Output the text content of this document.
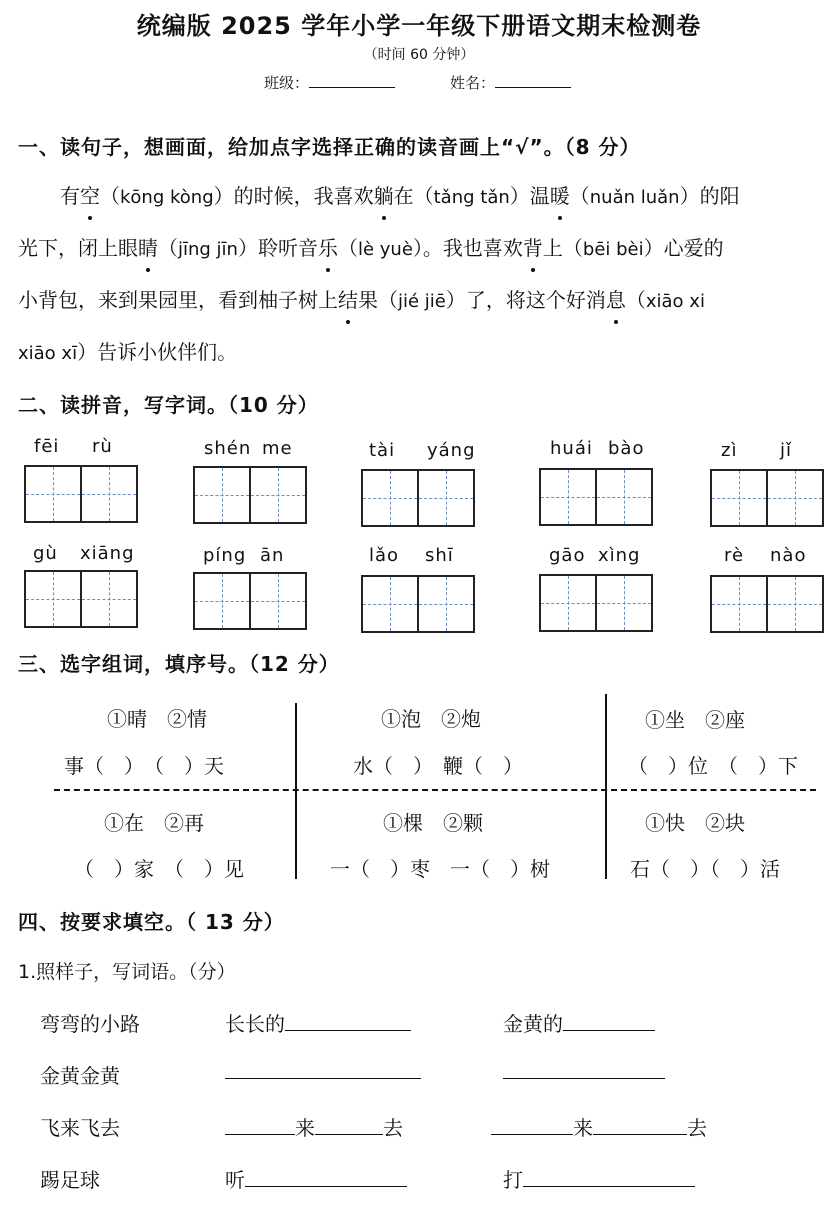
统编版 2025 学年小学一年级下册语文期末检测卷
（时间 60 分钟）
班级：	姓名：
一、读句子，想画面，给加点字选择正确的读音画上“√”。（8 分）

有空（kōng kòng）的时候，我喜欢躺在（tǎng tǎn）温暖（nuǎn luǎn）的阳

光下，闭上眼睛（jīng jīn）聆听音乐（lè yuè）。我也喜欢背上（bēi bèi）心爱的

小背包，来到果园里，看到柚子树上结果（jié jiē）了，将这个好消息（xiāo xi

xiāo xī）告诉小伙伴们。

二、读拼音，写字词。（10 分）
fēi rù	shén me	tài yáng	huái bào	zì jǐ
gù xiāng	píng ān	lǎo shī	gāo xìng	rè nào
三、选字组词，填序号。（12 分）
①晴　②情
事（　）　（　）天
①泡　②炮
水（　）　鞭（　）
①坐　②座
（　）位　（　）下
①在　②再
（　）家　（　）见
①棵　②颗
一（　）枣　一（　）树
①快　②块
石（　）（　）活
四、按要求填空。（ 13 分）
1.照样子，写词语。（分）
弯弯的小路	长长的	金黄的
金黄金黄
飞来飞去	来	去	来	去
踢足球	听	打
